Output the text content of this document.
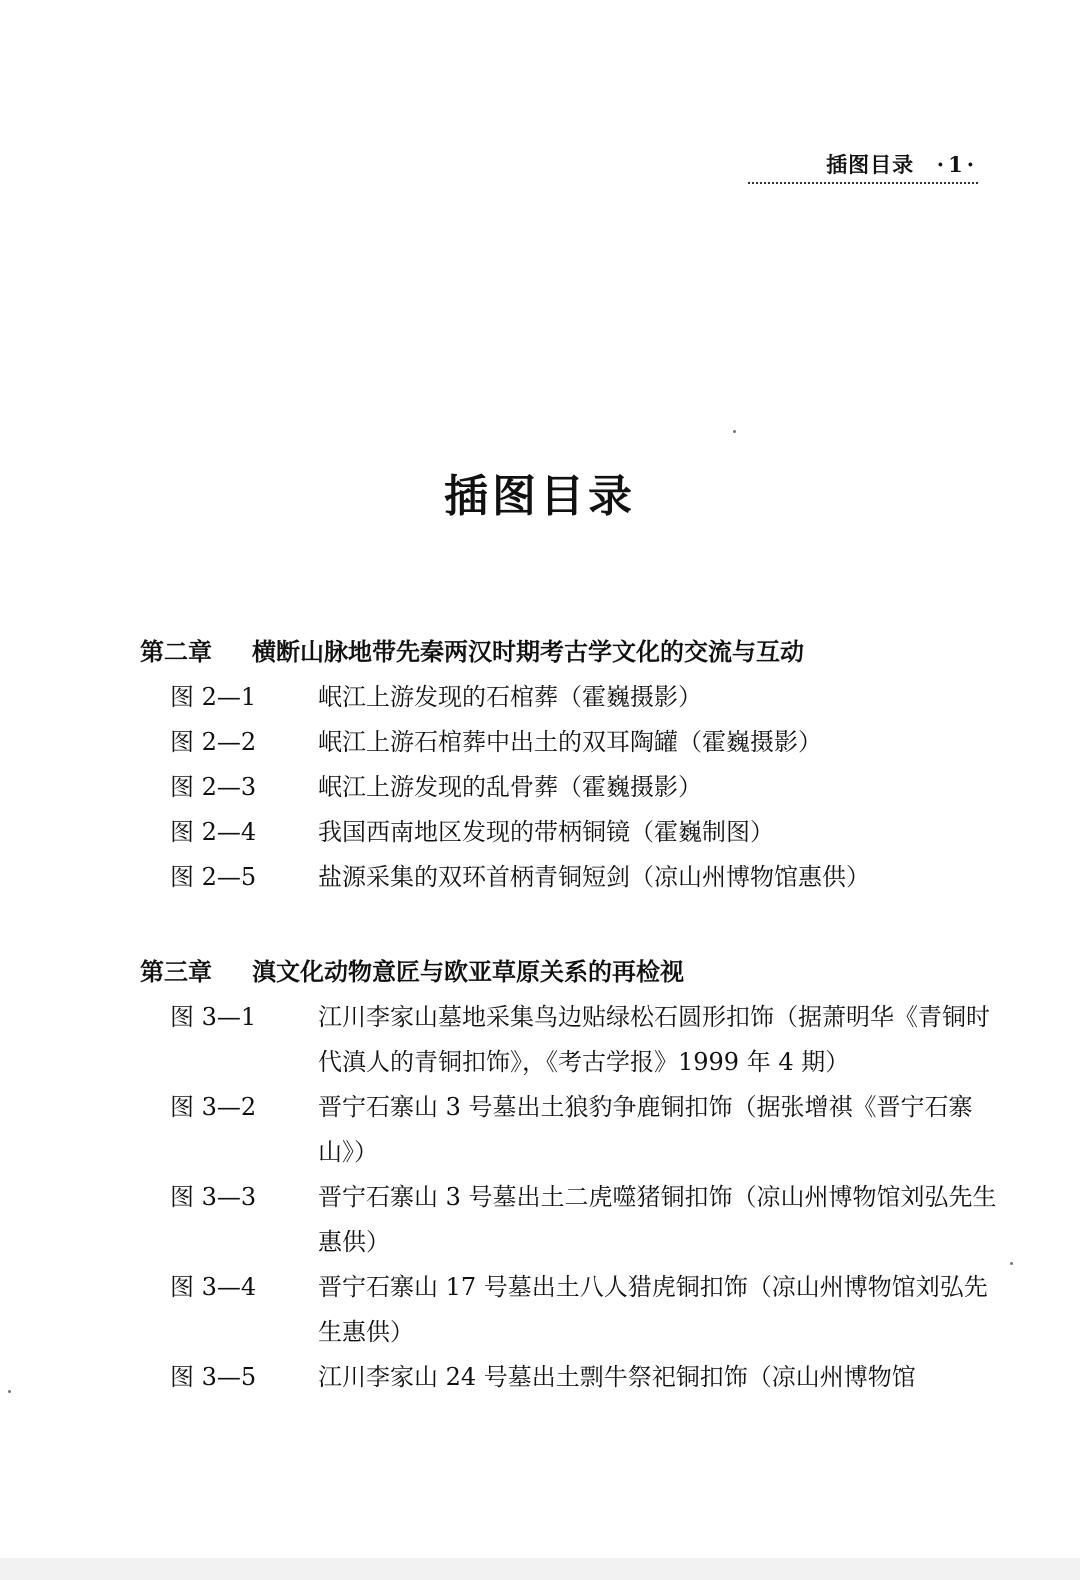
插图目录 ·1·
插图目录
第二章 横断山脉地带先秦两汉时期考古学文化的交流与互动
图 2—1	岷江上游发现的石棺葬（霍巍摄影）
图 2—2	岷江上游石棺葬中出土的双耳陶罐（霍巍摄影）
图 2—3	岷江上游发现的乱骨葬（霍巍摄影）
图 2—4	我国西南地区发现的带柄铜镜（霍巍制图）
图 2—5	盐源采集的双环首柄青铜短剑（凉山州博物馆惠供）
第三章 滇文化动物意匠与欧亚草原关系的再检视
图 3—1	江川李家山墓地采集鸟边贴绿松石圆形扣饰（据萧明华《青铜时代滇人的青铜扣饰》，《考古学报》1999 年 4 期）
图 3—2	晋宁石寨山 3 号墓出土狼豹争鹿铜扣饰（据张增祺《晋宁石寨山》）
图 3—3	晋宁石寨山 3 号墓出土二虎噬猪铜扣饰（凉山州博物馆刘弘先生惠供）
图 3—4	晋宁石寨山 17 号墓出土八人猎虎铜扣饰（凉山州博物馆刘弘先生惠供）
图 3—5	江川李家山 24 号墓出土剽牛祭祀铜扣饰（凉山州博物馆
